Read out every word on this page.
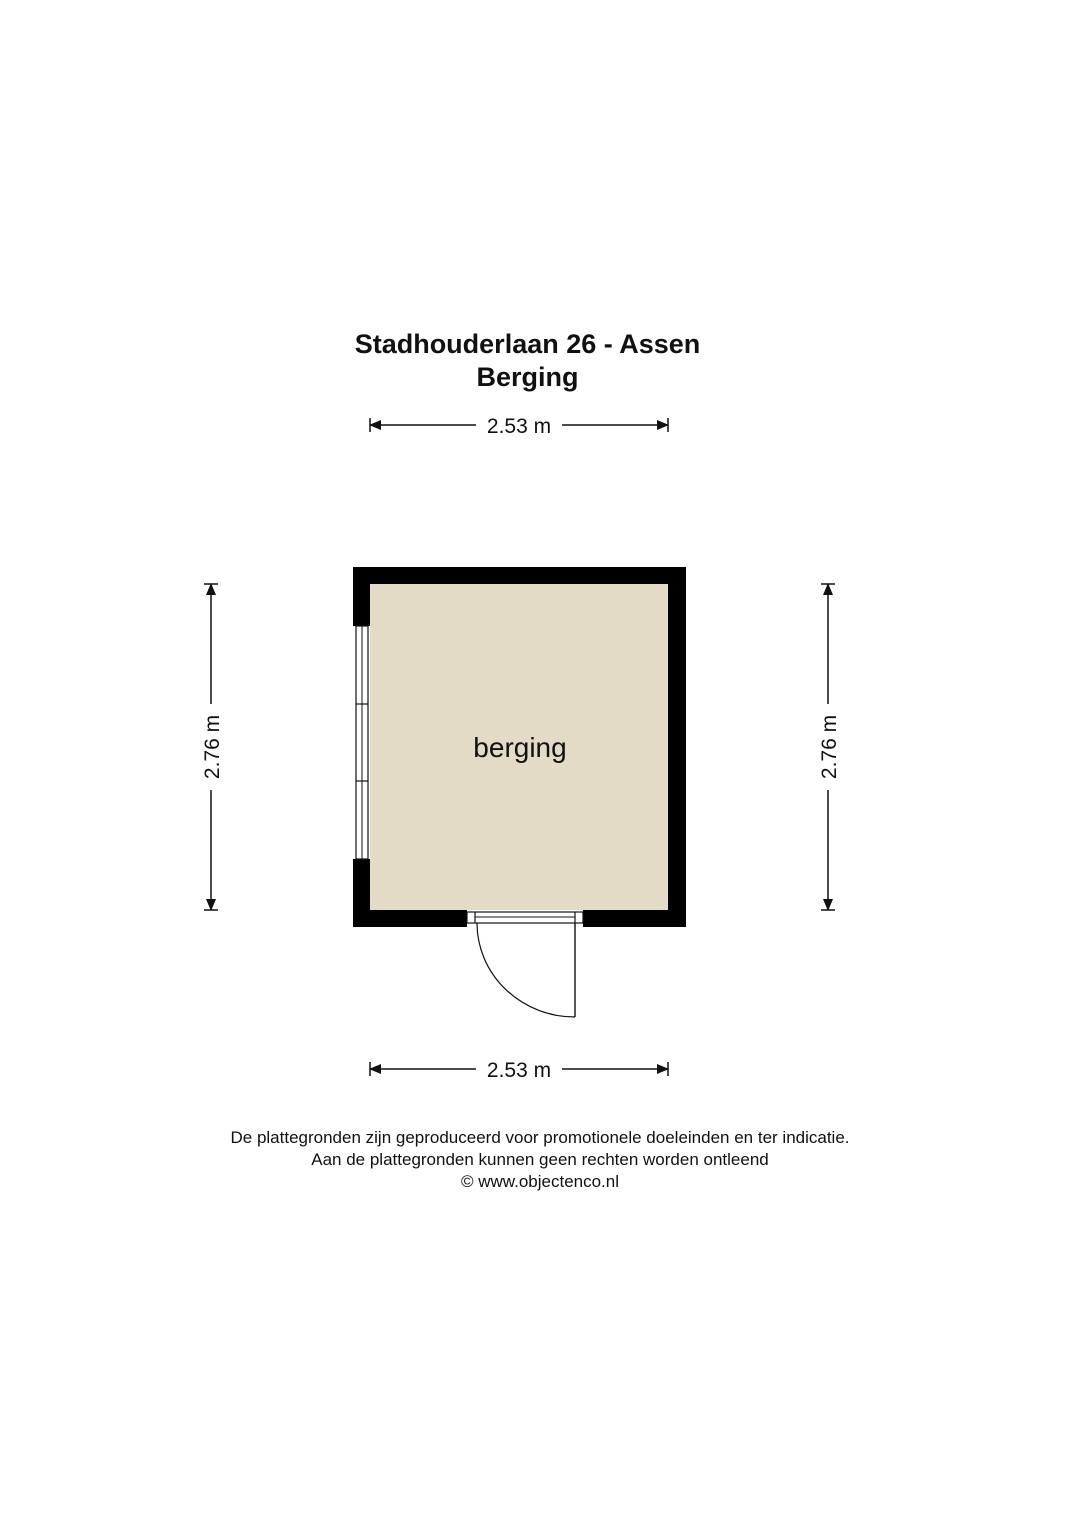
Stadhouderlaan 26 - Assen
Berging
2.53 m
2.53 m
2.76 m	2.76 m
berging
De plattegronden zijn geproduceerd voor promotionele doeleinden en ter indicatie.
Aan de plattegronden kunnen geen rechten worden ontleend
© www.objectenco.nl
